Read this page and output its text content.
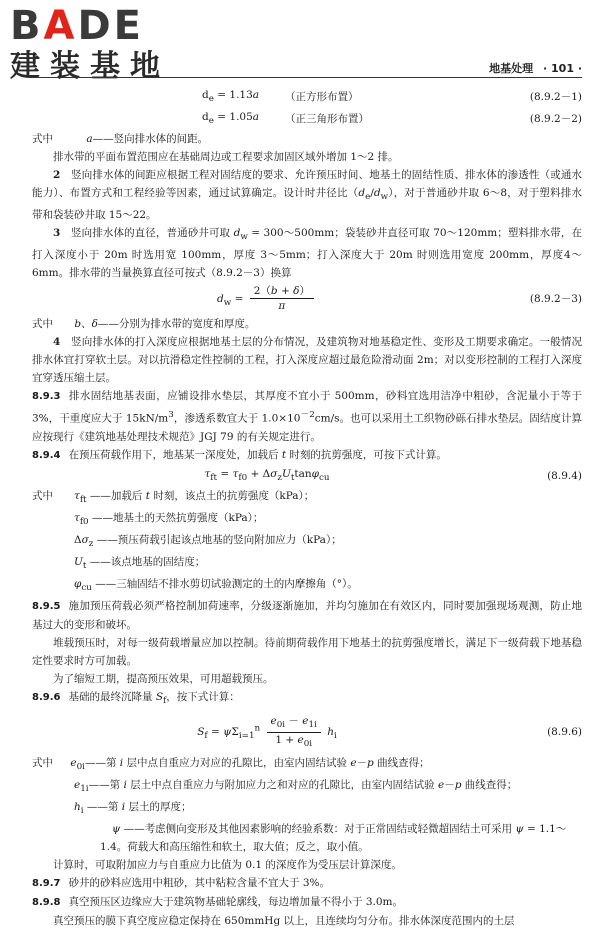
BADE
建装基地	地基处理 · 101 ·
$d_e = 1.13a$ （正方形布置）	(8.9.2－1)
$d_e = 1.05a$ （正三角形布置）	(8.9.2－2)

式中	a——竖向排水体的间距。

排水带的平面布置范围应在基础周边或工程要求加固区域外增加 1～2 排。

2　竖向排水体的间距应根据工程对固结度的要求、允许预压时间、地基土的固结性质、排水体的渗透性（或通水能力）、布置方式和工程经验等因素，通过试算确定。设计时井径比$(d_e/d_w)$，对于普通砂井取 6～8，对于塑料排水带和袋装砂井取 15～22。

3　竖向排水体的直径，普通砂井可取 $d_w$ = 300～500mm；袋装砂井直径可取 70～120mm；塑料排水带，在打入深度小于 20m 时选用宽 100mm，厚度 3～5mm；打入深度大于 20m 时则选用宽度 200mm，厚度4～6mm。排水带的当量换算直径可按式（8.9.2－3）换算

$d_w = \frac{2(b + \delta)}{\pi}$	(8.9.2－3)

式中 b、δ——分别为排水带的宽度和厚度。

4　竖向排水体的打入深度应根据地基土层的分布情况，及建筑物对地基稳定性、变形及工期要求确定。一般情况排水体宜打穿软土层。对以抗滑稳定性控制的工程，打入深度应超过最危险滑动面 2m；对以变形控制的工程打入深度宜穿透压缩土层。

8.9.3 排水固结地基表面，应铺设排水垫层，其厚度不宜小于 500mm，砂料宜选用洁净中粗砂，含泥量小于等于 3%，干重度应大于 $15kN/m^3$，渗透系数宜大于 $1.0\times 10^{-2}cm/s$。也可以采用土工织物砂砾石排水垫层。固结度计算应按现行《建筑地基处理技术规范》JGJ 79 的有关规定进行。

8.9.4 在预压荷载作用下，地基某一深度处，加载后 t 时刻的抗剪强度，可按下式计算。

$\tau_{ft} = \tau_{f0} + \Delta\sigma_zU_t\tan\varphi_{cu}$	(8.9.4)

式中 $\tau_{ft}$ ——加载后 t 时刻，该点土的抗剪强度（kPa）；

$\tau_{f0}$ ——地基土的天然抗剪强度（kPa）；

$\Delta\sigma_z$ ——预压荷载引起该点地基的竖向附加应力（kPa）；

$U_t$ ——该点地基的固结度；

$\varphi_{cu}$ ——三轴固结不排水剪切试验测定的土的内摩擦角（°）。

8.9.5 施加预压荷载必须严格控制加荷速率，分级逐渐施加，并均匀施加在有效区内，同时要加强现场观测，防止地基过大的变形和破坏。

堆载预压时，对每一级荷载增量应加以控制。待前期荷载作用下地基土的抗剪强度增长，满足下一级荷载下地基稳定性要求时方可加载。

为了缩短工期，提高预压效果，可用超载预压。

8.9.6 基础的最终沉降量 $S_f$，按下式计算：

$S_f = \psi\Sigma_{i=1}^n \frac{e_{0i} - e_{1i}}{1 + e_{0i}} h_i$	(8.9.6)

式中 $e_{0i}——$第 i 层中点自重应力对应的孔隙比，由室内固结试验 e－p 曲线查得；

$e_{1i}——$第 i 层土中点自重应力与附加应力之和对应的孔隙比，由室内固结试验 e－p 曲线查得；

$h_i$ ——第 i 层土的厚度；

ψ ——考虑侧向变形及其他因素影响的经验系数：对于正常固结或轻微超固结土可采用 ψ = 1.1～1.4。荷载大和高压缩性和软土，取大值；反之，取小值。

计算时，可取附加应力与自重应力比值为 0.1 的深度作为受压层计算深度。

8.9.7 砂井的砂料应选用中粗砂，其中粘粒含量不宜大于 3%。

8.9.8 真空预压区边缘应大于建筑物基础轮廓线，每边增加量不得小于 3.0m。

真空预压的膜下真空度应稳定保持在 650mmHg 以上，且连续均匀分布。排水体深度范围内的土层
